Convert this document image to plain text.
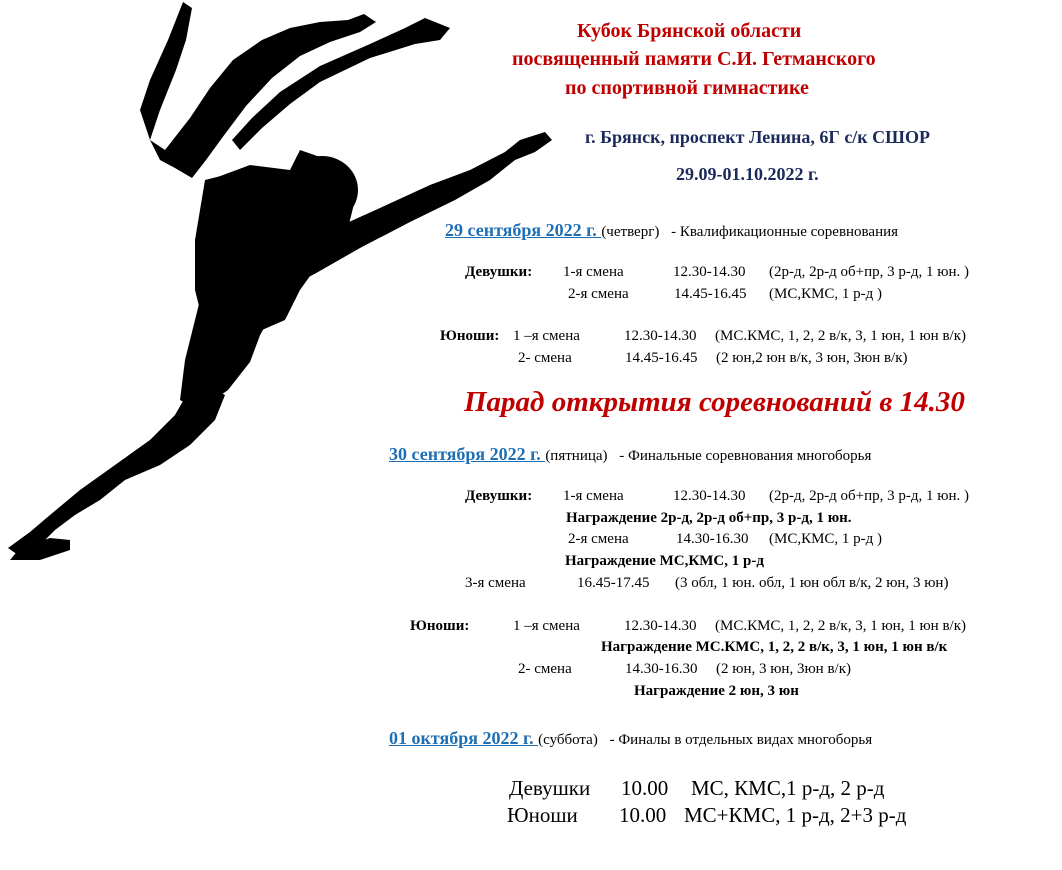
Кубок Брянской области
посвященный памяти С.И. Гетманского
по спортивной гимнастике
г. Брянск, проспект Ленина, 6Г с/к СШОР
29.09-01.10.2022 г.
29 сентября 2022 г. (четверг) - Квалификационные соревнования
Девушки: 1-я смена	12.30-14.30 (2р-д, 2р-д об+пр, 3 р-д, 1 юн. )
2-я смена	14.45-16.45 (МС,КМС, 1 р-д )
Юноши: 1 –я смена	12.30-14.30 (МС.КМС, 1, 2, 2 в/к, 3, 1 юн, 1 юн в/к)
2- смена	14.45-16.45 (2 юн,2 юн в/к, 3 юн, 3юн в/к)
Парад открытия соревнований в 14.30
30 сентября 2022 г. (пятница) - Финальные соревнования многоборья
Девушки: 1-я смена	12.30-14.30 (2р-д, 2р-д об+пр, 3 р-д, 1 юн. )
Награждение 2р-д, 2р-д об+пр, 3 р-д, 1 юн.
2-я смена	14.30-16.30 (МС,КМС, 1 р-д )
Награждение МС,КМС, 1 р-д
3-я смена	16.45-17.45 (3 обл, 1 юн. обл, 1 юн обл в/к, 2 юн, 3 юн)
Юноши:	1 –я смена	12.30-14.30 (МС.КМС, 1, 2, 2 в/к, 3, 1 юн, 1 юн в/к)
Награждение МС.КМС, 1, 2, 2 в/к, 3, 1 юн, 1 юн в/к
2- смена	14.30-16.30 (2 юн, 3 юн, 3юн в/к)
Награждение 2 юн, 3 юн
01 октября 2022 г. (суббота) - Финалы в отдельных видах многоборья
Девушки 10.00 МС, КМС,1 р-д, 2 р-д
Юноши 10.00 МС+КМС, 1 р-д, 2+3 р-д
